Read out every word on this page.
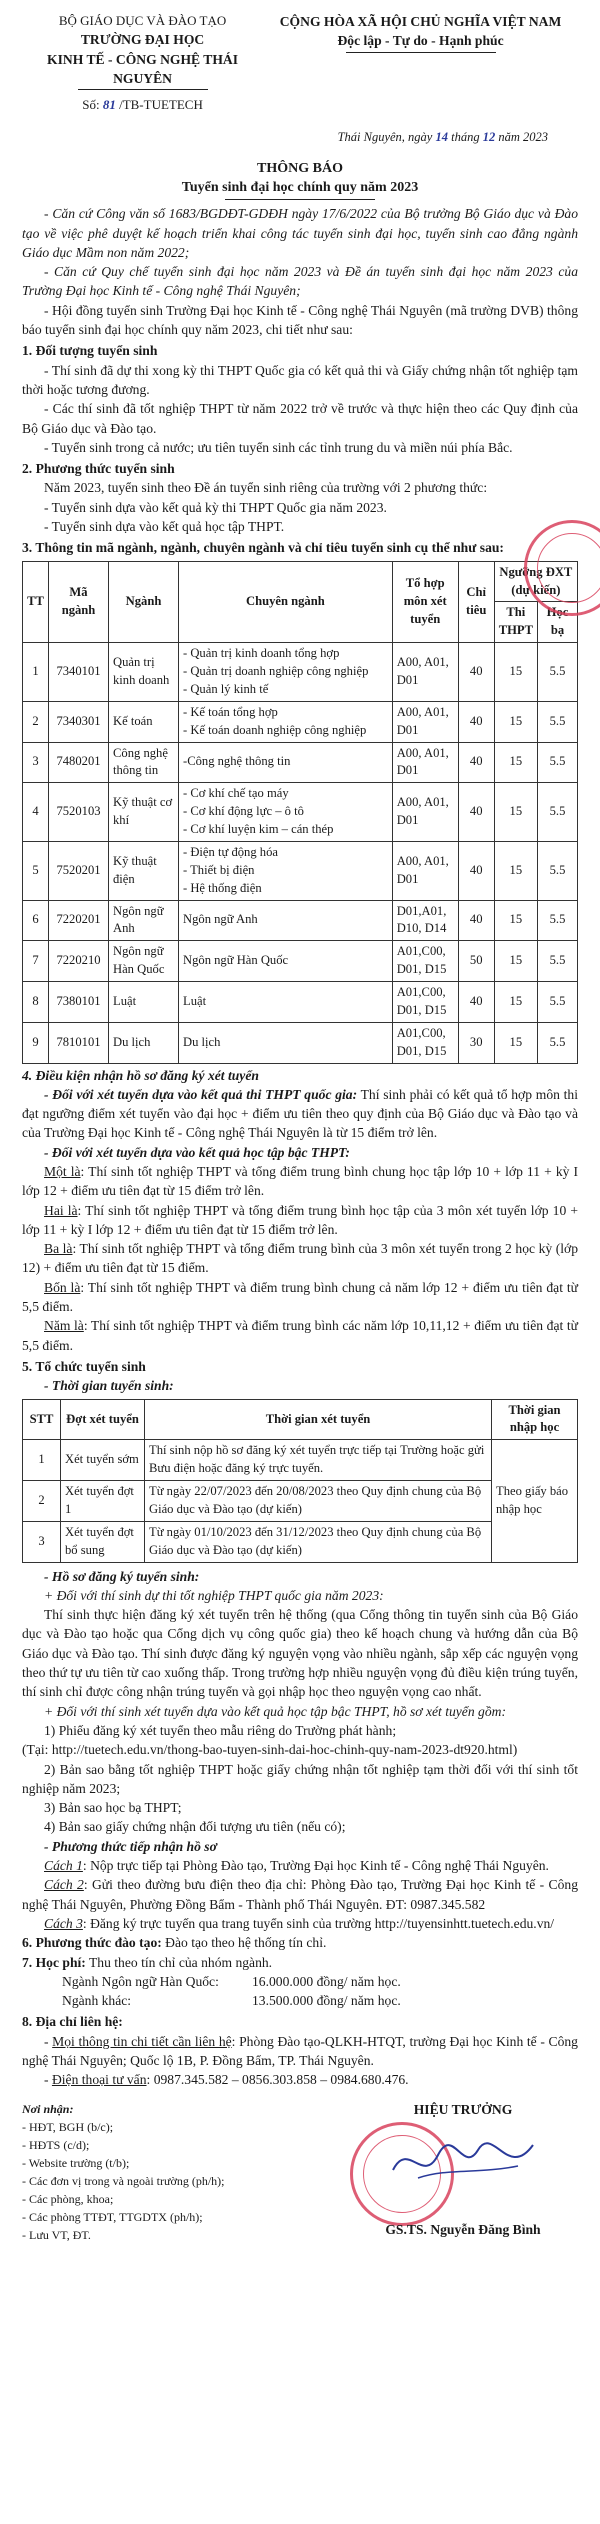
BỘ GIÁO DỤC VÀ ĐÀO TẠO
TRƯỜNG ĐẠI HỌC
KINH TẾ - CÔNG NGHỆ THÁI NGUYÊN
Số: 81 /TB-TUETECH
CỘNG HÒA XÃ HỘI CHỦ NGHĨA VIỆT NAM
Độc lập - Tự do - Hạnh phúc
Thái Nguyên, ngày 14 tháng 12 năm 2023
THÔNG BÁO
Tuyển sinh đại học chính quy năm 2023

- Căn cứ Công văn số 1683/BGDĐT-GDĐH ngày 17/6/2022 của Bộ trưởng Bộ Giáo dục và Đào tạo về việc phê duyệt kế hoạch triển khai công tác tuyển sinh đại học, tuyển sinh cao đẳng ngành Giáo dục Mầm non năm 2022;

- Căn cứ Quy chế tuyển sinh đại học năm 2023 và Đề án tuyển sinh đại học năm 2023 của Trường Đại học Kinh tế - Công nghệ Thái Nguyên;

- Hội đồng tuyển sinh Trường Đại học Kinh tế - Công nghệ Thái Nguyên (mã trường DVB) thông báo tuyển sinh đại học chính quy năm 2023, chi tiết như sau:

1. Đối tượng tuyển sinh

- Thí sinh đã dự thi xong kỳ thi THPT Quốc gia có kết quả thi và Giấy chứng nhận tốt nghiệp tạm thời hoặc tương đương.

- Các thí sinh đã tốt nghiệp THPT từ năm 2022 trở về trước và thực hiện theo các Quy định của Bộ Giáo dục và Đào tạo.

- Tuyển sinh trong cả nước; ưu tiên tuyển sinh các tỉnh trung du và miền núi phía Bắc.

2. Phương thức tuyển sinh

Năm 2023, tuyển sinh theo Đề án tuyển sinh riêng của trường với 2 phương thức:

- Tuyển sinh dựa vào kết quả kỳ thi THPT Quốc gia năm 2023.

- Tuyển sinh dựa vào kết quả học tập THPT.

3. Thông tin mã ngành, ngành, chuyên ngành và chỉ tiêu tuyển sinh cụ thể như sau:
TT	Mã ngành	Ngành	Chuyên ngành	Tổ hợp môn xét tuyển	Chỉ tiêu	Ngưỡng ĐXT (dự kiến)	
						Thi THPT	Học bạ
1	7340101	Quản trị kinh doanh	- Quản trị kinh doanh tổng hợp
- Quản trị doanh nghiệp công nghiệp
- Quản lý kinh tế	A00, A01, D01	40	15	5.5
2	7340301	Kế toán	- Kế toán tổng hợp
- Kế toán doanh nghiệp công nghiệp	A00, A01, D01	40	15	5.5
3	7480201	Công nghệ thông tin	-Công nghệ thông tin	A00, A01, D01	40	15	5.5
4	7520103	Kỹ thuật cơ khí	- Cơ khí chế tạo máy
- Cơ khí động lực – ô tô
- Cơ khí luyện kim – cán thép	A00, A01, D01	40	15	5.5
5	7520201	Kỹ thuật điện	- Điện tự động hóa
- Thiết bị điện
- Hệ thống điện	A00, A01, D01	40	15	5.5
6	7220201	Ngôn ngữ Anh	Ngôn ngữ Anh	D01,A01, D10, D14	40	15	5.5
7	7220210	Ngôn ngữ Hàn Quốc	Ngôn ngữ Hàn Quốc	A01,C00, D01, D15	50	15	5.5
8	7380101	Luật	Luật	A01,C00, D01, D15	40	15	5.5
9	7810101	Du lịch	Du lịch	A01,C00, D01, D15	30	15	5.5
4. Điều kiện nhận hồ sơ đăng ký xét tuyển

- Đối với xét tuyển dựa vào kết quả thi THPT quốc gia: Thí sinh phải có kết quả tổ hợp môn thi đạt ngưỡng điểm xét tuyển vào đại học + điểm ưu tiên theo quy định của Bộ Giáo dục và Đào tạo và của Trường Đại học Kinh tế - Công nghệ Thái Nguyên là từ 15 điểm trở lên.

- Đối với xét tuyển dựa vào kết quả học tập bậc THPT:

Một là: Thí sinh tốt nghiệp THPT và tổng điểm trung bình chung học tập lớp 10 + lớp 11 + kỳ I lớp 12 + điểm ưu tiên đạt từ 15 điểm trở lên.

Hai là: Thí sinh tốt nghiệp THPT và tổng điểm trung bình học tập của 3 môn xét tuyển lớp 10 + lớp 11 + kỳ I lớp 12 + điểm ưu tiên đạt từ 15 điểm trở lên.

Ba là: Thí sinh tốt nghiệp THPT và tổng điểm trung bình của 3 môn xét tuyển trong 2 học kỳ (lớp 12) + điểm ưu tiên đạt từ 15 điểm.

Bốn là: Thí sinh tốt nghiệp THPT và điểm trung bình chung cả năm lớp 12 + điểm ưu tiên đạt từ 5,5 điểm.

Năm là: Thí sinh tốt nghiệp THPT và điểm trung bình các năm lớp 10,11,12 + điểm ưu tiên đạt từ 5,5 điểm.

5. Tổ chức tuyển sinh

- Thời gian tuyển sinh:

STT	Đợt xét tuyển	Thời gian xét tuyển	Thời gian nhập học
1	Xét tuyển sớm	Thí sinh nộp hồ sơ đăng ký xét tuyển trực tiếp tại Trường hoặc gửi Bưu điện hoặc đăng ký trực tuyến.	Theo giấy báo nhập học
2	Xét tuyển đợt 1	Từ ngày 22/07/2023 đến 20/08/2023 theo Quy định chung của Bộ Giáo dục và Đào tạo (dự kiến)	
3	Xét tuyển đợt bổ sung	Từ ngày 01/10/2023 đến 31/12/2023 theo Quy định chung của Bộ Giáo dục và Đào tạo (dự kiến)	

- Hồ sơ đăng ký tuyển sinh:

+ Đối với thí sinh dự thi tốt nghiệp THPT quốc gia năm 2023:

Thí sinh thực hiện đăng ký xét tuyển trên hệ thống (qua Cổng thông tin tuyển sinh của Bộ Giáo dục và Đào tạo hoặc qua Cổng dịch vụ công quốc gia) theo kế hoạch chung và hướng dẫn của Bộ Giáo dục và Đào tạo. Thí sinh được đăng ký nguyện vọng vào nhiều ngành, sắp xếp các nguyện vọng theo thứ tự ưu tiên từ cao xuống thấp. Trong trường hợp nhiều nguyện vọng đủ điều kiện trúng tuyển, thí sinh chỉ được công nhận trúng tuyển và gọi nhập học theo nguyện vọng cao nhất.

+ Đối với thí sinh xét tuyển dựa vào kết quả học tập bậc THPT, hồ sơ xét tuyển gồm:

1) Phiếu đăng ký xét tuyển theo mẫu riêng do Trường phát hành;

(Tại: http://tuetech.edu.vn/thong-bao-tuyen-sinh-dai-hoc-chinh-quy-nam-2023-dt920.html)

2) Bản sao bằng tốt nghiệp THPT hoặc giấy chứng nhận tốt nghiệp tạm thời đối với thí sinh tốt nghiệp năm 2023;

3) Bản sao học bạ THPT;

4) Bản sao giấy chứng nhận đối tượng ưu tiên (nếu có);

- Phương thức tiếp nhận hồ sơ

Cách 1: Nộp trực tiếp tại Phòng Đào tạo, Trường Đại học Kinh tế - Công nghệ Thái Nguyên.

Cách 2: Gửi theo đường bưu điện theo địa chỉ: Phòng Đào tạo, Trường Đại học Kinh tế - Công nghệ Thái Nguyên, Phường Đồng Bẩm - Thành phố Thái Nguyên. ĐT: 0987.345.582

Cách 3: Đăng ký trực tuyến qua trang tuyển sinh của trường http://tuyensinhtt.tuetech.edu.vn/

6. Phương thức đào tạo: Đào tạo theo hệ thống tín chỉ.

7. Học phí: Thu theo tín chỉ của nhóm ngành.

Ngành Ngôn ngữ Hàn Quốc:	16.000.000 đồng/ năm học.
Ngành khác:	13.500.000 đồng/ năm học.
8. Địa chỉ liên hệ:

- Mọi thông tin chi tiết cần liên hệ: Phòng Đào tạo-QLKH-HTQT, trường Đại học Kinh tế - Công nghệ Thái Nguyên; Quốc lộ 1B, P. Đồng Bẩm, TP. Thái Nguyên.

- Điện thoại tư vấn: 0987.345.582 – 0856.303.858 – 0984.680.476.

Nơi nhận:
- HĐT, BGH (b/c);
- HĐTS (c/d);
- Website trường (t/b);
- Các đơn vị trong và ngoài trường (ph/h);
- Các phòng, khoa;
- Các phòng TTĐT, TTGDTX (ph/h);
- Lưu VT, ĐT.
HIỆU TRƯỞNG
GS.TS. Nguyễn Đăng Bình
